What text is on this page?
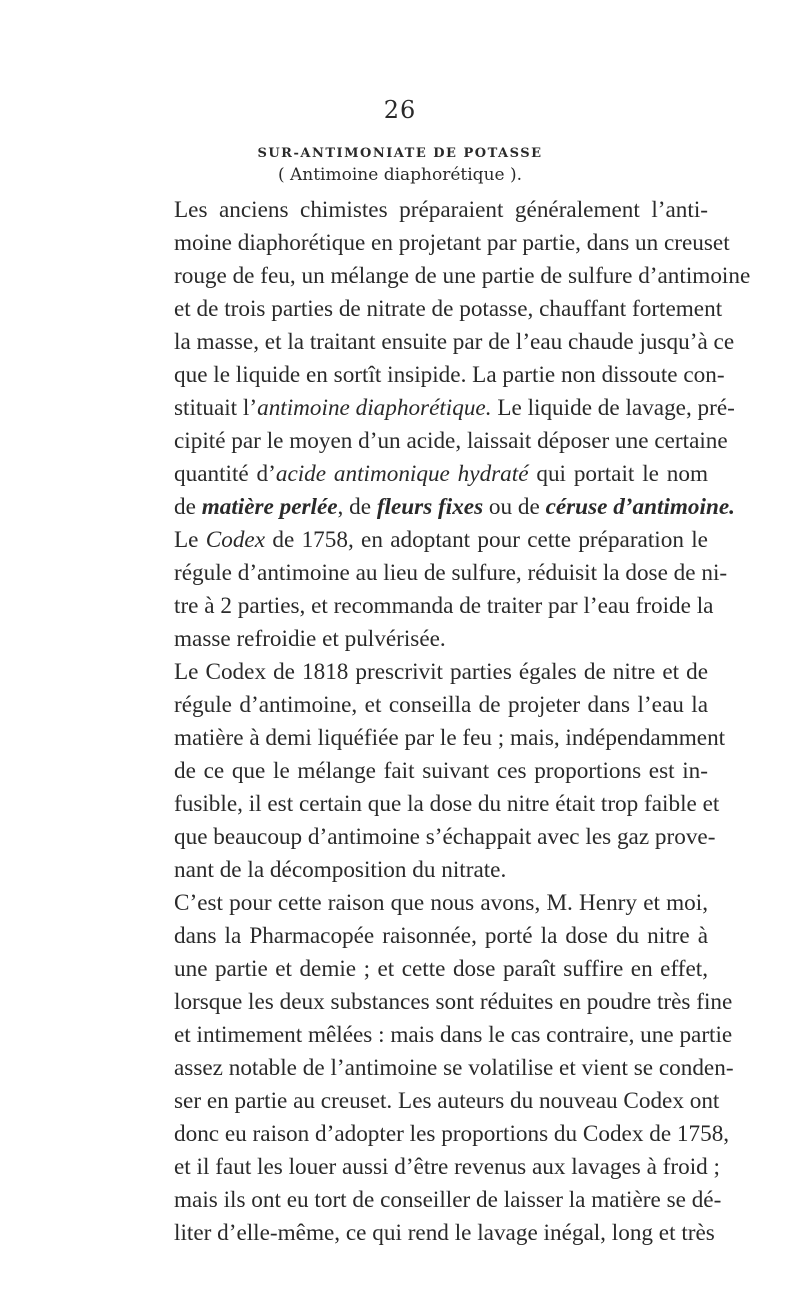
26
SUR-ANTIMONIATE DE POTASSE
( Antimoine diaphorétique ).

Les anciens chimistes préparaient généralement l’anti-
moine diaphorétique en projetant par partie, dans un creuset
rouge de feu, un mélange de une partie de sulfure d’antimoine
et de trois parties de nitrate de potasse, chauffant fortement
la masse, et la traitant ensuite par de l’eau chaude jusqu’à ce
que le liquide en sortît insipide. La partie non dissoute con-
stituait l’antimoine diaphorétique. Le liquide de lavage, pré-
cipité par le moyen d’un acide, laissait déposer une certaine
quantité d’acide antimonique hydraté qui portait le nom
de matière perlée, de fleurs fixes ou de céruse d’antimoine.

Le Codex de 1758, en adoptant pour cette préparation le
régule d’antimoine au lieu de sulfure, réduisit la dose de ni-
tre à 2 parties, et recommanda de traiter par l’eau froide la
masse refroidie et pulvérisée.

Le Codex de 1818 prescrivit parties égales de nitre et de
régule d’antimoine, et conseilla de projeter dans l’eau la
matière à demi liquéfiée par le feu ; mais, indépendamment
de ce que le mélange fait suivant ces proportions est in-
fusible, il est certain que la dose du nitre était trop faible et
que beaucoup d’antimoine s’échappait avec les gaz prove-
nant de la décomposition du nitrate.

C’est pour cette raison que nous avons, M. Henry et moi,
dans la Pharmacopée raisonnée, porté la dose du nitre à
une partie et demie ; et cette dose paraît suffire en effet,
lorsque les deux substances sont réduites en poudre très fine
et intimement mêlées : mais dans le cas contraire, une partie
assez notable de l’antimoine se volatilise et vient se conden-
ser en partie au creuset. Les auteurs du nouveau Codex ont
donc eu raison d’adopter les proportions du Codex de 1758,
et il faut les louer aussi d’être revenus aux lavages à froid ;
mais ils ont eu tort de conseiller de laisser la matière se dé-
liter d’elle-même, ce qui rend le lavage inégal, long et très
